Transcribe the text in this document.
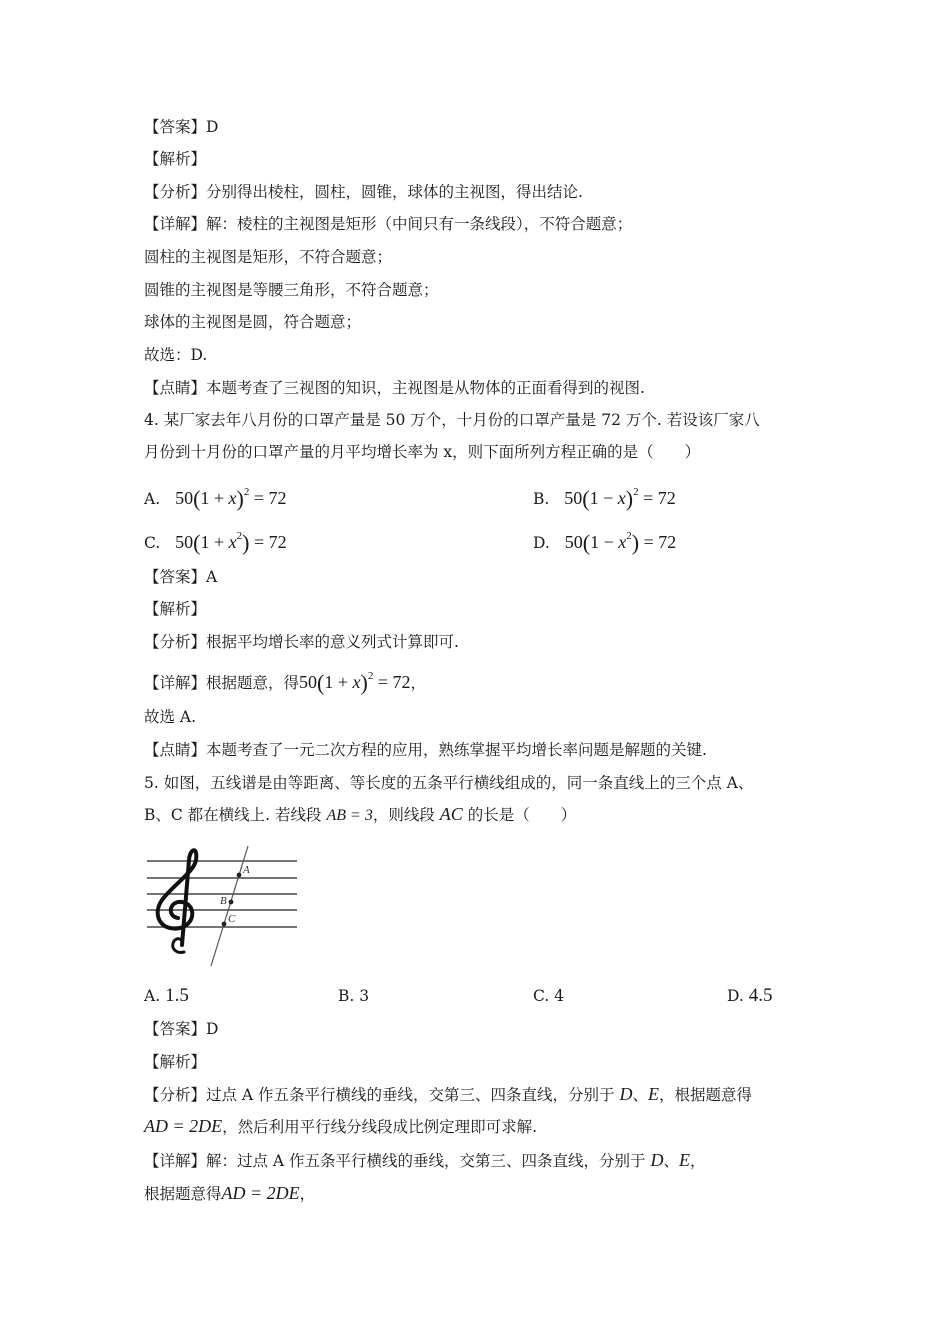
【答案】D
【解析】
【分析】分别得出棱柱，圆柱，圆锥，球体的主视图，得出结论.
【详解】解：棱柱的主视图是矩形（中间只有一条线段），不符合题意；
圆柱的主视图是矩形，不符合题意；
圆锥的主视图是等腰三角形，不符合题意；
球体的主视图是圆，符合题意；
故选：D.
【点睛】本题考查了三视图的知识，主视图是从物体的正面看得到的视图.
4. 某厂家去年八月份的口罩产量是 50 万个，十月份的口罩产量是 72 万个. 若设该厂家八
月份到十月份的口罩产量的月平均增长率为 x，则下面所列方程正确的是（　　）
A. $50(1 + x)^2 = 72$	B. $50(1 - x)^2 = 72$
C. $50(1 + x^2) = 72$	D. $50(1 - x^2) = 72$
【答案】A
【解析】
【分析】根据平均增长率的意义列式计算即可.
【详解】根据题意，得$50(1 + x)^2 = 72$，
故选 A.
【点睛】本题考查了一元二次方程的应用，熟练掌握平均增长率问题是解题的关键.
5. 如图，五线谱是由等距离、等长度的五条平行横线组成的，同一条直线上的三个点 A、
B、C 都在横线上. 若线段 AB = 3，则线段 AC 的长是（　　）
A
B
C
A. 1.5	B. 3	C. 4	D. 4.5
【答案】D
【解析】
【分析】过点 A 作五条平行横线的垂线，交第三、四条直线，分别于 D、E，根据题意得
AD = 2DE，然后利用平行线分线段成比例定理即可求解.
【详解】解：过点 A 作五条平行横线的垂线，交第三、四条直线，分别于 D、E，
根据题意得AD = 2DE，
